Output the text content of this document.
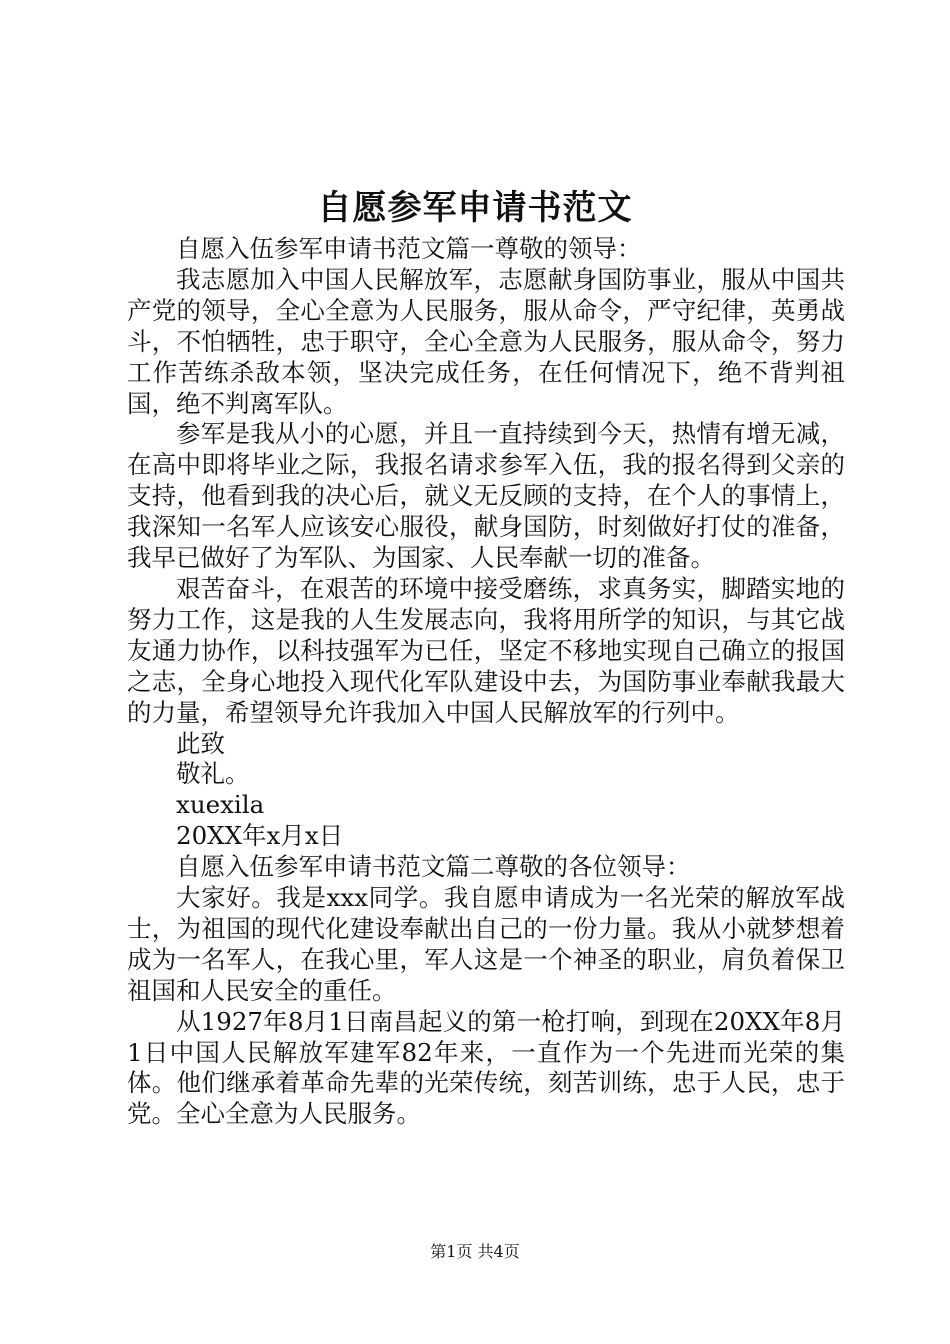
自愿参军申请书范文

自愿入伍参军申请书范文篇一尊敬的领导：

我志愿加入中国人民解放军，志愿献身国防事业，服从中国共产党的领导，全心全意为人民服务，服从命令，严守纪律，英勇战斗，不怕牺牲，忠于职守，全心全意为人民服务，服从命令，努力工作苦练杀敌本领，坚决完成任务，在任何情况下，绝不背判祖国，绝不判离军队。

参军是我从小的心愿，并且一直持续到今天，热情有增无减，在高中即将毕业之际，我报名请求参军入伍，我的报名得到父亲的支持，他看到我的决心后，就义无反顾的支持，在个人的事情上，我深知一名军人应该安心服役，献身国防，时刻做好打仗的准备，我早已做好了为军队、为国家、人民奉献一切的准备。

艰苦奋斗，在艰苦的环境中接受磨练，求真务实，脚踏实地的努力工作，这是我的人生发展志向，我将用所学的知识，与其它战友通力协作，以科技强军为已任，坚定不移地实现自己确立的报国之志，全身心地投入现代化军队建设中去，为国防事业奉献我最大的力量，希望领导允许我加入中国人民解放军的行列中。

此致

敬礼。

xuexila

20XX年x月x日

自愿入伍参军申请书范文篇二尊敬的各位领导：

大家好。我是xxx同学。我自愿申请成为一名光荣的解放军战士，为祖国的现代化建设奉献出自己的一份力量。我从小就梦想着成为一名军人，在我心里，军人这是一个神圣的职业，肩负着保卫祖国和人民安全的重任。

从1927年8月1日南昌起义的第一枪打响，到现在20XX年8月1日中国人民解放军建军82年来，一直作为一个先进而光荣的集体。他们继承着革命先辈的光荣传统，刻苦训练，忠于人民，忠于党。全心全意为人民服务。

第1页 共4页
